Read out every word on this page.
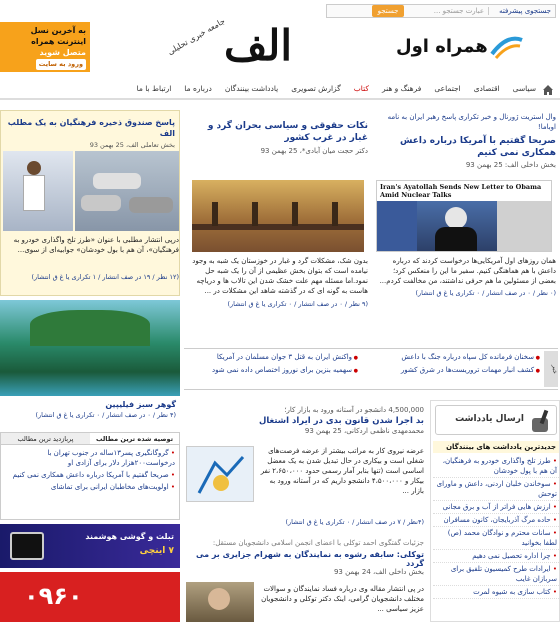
جستجوی پیشرفته
عبارت جستجو ...
جستجو
به آخرین نسل
اینترنت همراه
متصل شوید
ورود به سایت	الف
جامعه خبری تحلیلی	همراه اول
سیاسی
اقتصادی
اجتماعی
فرهنگ و هنر
کتاب
گزارش تصویری
یادداشت بینندگان
درباره ما
ارتباط با ما
وال استریت ژورنال و خبر تکراری پاسخ رهبر ایران به نامه اوباما!
صریحا گفتیم با آمریکا درباره داعش همکاری نمی کنیم
بخش داخلی الف: 25 بهمن 93
Iran's Ayatollah Sends New Letter to Obama Amid Nuclear Talks
همان روزهای اول آمریکایی‌ها درخواست کردند که درباره داعش با هم هماهنگی کنیم. سفیر ما این را منعکس کرد؛ بعضی از مسئولین ما هم حرفی نداشتند، من مخالفت کردم...
(۰ نظر / ۰ در صف انتشار / ۰ تکراری یا غ ق انتشار)
نکات حقوقی و سیاسی بحران گرد و غبار در غرب کشور
دکتر حجت میان آبادی*، 25 بهمن 93
بدون شک، مشکلات گرد و غبار در خوزستان یک شبه به وجود نیامده است که بتوان بخش عظیمی از آن را یک شبه حل نمود.اما مسئله مهم علت خشک شدن این تالاب ها و دریاچه هاست به گونه ای که در گذشته شاهد این مشکلات در ...
(۹ نظر / ۰ در صف انتشار / ۰ تکراری یا غ ق انتشار)
خبر
● سخنان فرمانده کل سپاه درباره جنگ با داعش
● واکنش ایران به قتل ۳ جوان مسلمان در آمریکا
● کشف انبار مهمات تروریست‌ها در شرق کشور
● سهمیه بنزین برای نوروز اختصاص داده نمی شود
پاسخ صندوق ذخیره فرهنگیان به یک مطلب الف
بخش تعاملی الف، 25 بهمن 93
درپی انتشار مطلبی با عنوان «طرز تلخ واگذاری خودرو به فرهنگیان»، آن هم با بول خودشان» جوابیه‌ای از سوی...
(۱۲ نظر / ۱۹ در صف انتشار / ۱ تکراری یا غ ق انتشار)
گوهر سبز فیلیپین
(۴ نظر / ۰ در صف انتشار / ۰ تکراری یا غ ق انتشار)
توصیه شده ترین مطالب
پربازدید ترین مطالب
• گروگانگیری پسر۱۳ساله در جنوب تهران با درخواست۲۰۰هزار دلار برای آزادی او
• صریحا گفتیم با آمریکا درباره داعش همکاری نمی کنیم
• اولویت‌های مخاطبان ایرانی برای تماشای
تبلت و گوشی هوشمند
۷ اینچی
۰۹۶۰
4,500,000 دانشجو در آستانه ورود به بازار کار؛
بد اجرا شدن قانون بدی در ایراد اشتغال
محمدمهدی ناظمی اردکانی، 25 بهمن 93
عرضه نیروی کار به مراتب بیشتر از عرضه فرصت‌های شغلی است و بیکاری در حال تبدیل شدن به یک معضل اساسی است (تنها بنابر آمار رسمی حدود ۲،۶۵۰،۰۰۰ نفر بیکار و ۴،۵۰۰،۰۰۰ دانشجو داریم که در آستانه ورود به بازار ...
(۴نظر / ۷ در صف انتشار / ۰ تکراری یا غ ق انتشار)
جزئیات گفتگوی احمد توکلی با اعضای انجمن اسلامی دانشجویان مستقل:
توکلی: سابقه رشوه به نمایندگان به شهرام جزایری بر می گردد
بخش داخلی الف، 24 بهمن 93
در پی انتشار مقاله وی درباره فساد نمایندگان و سوالات مختلف دانشجویان گرامی، اینک دکتر توکلی و دانشجویان عزیز سیاسی ...
ارسال یادداشت
جدیدترین یادداشت های بینندگان
• طرز تلخ واگذاری خودرو به فرهنگیان، آن هم با پول خودشان
• سوخاندن خلبان اردنی، داعش و ماورای توحش
• ارزش هایی فراتر از آب و برق مجانی
• حاده مرگ آذربایجان، کانون مسافران
• سانات محترم و نوادگان محمد (ص) لطفا بخوانید
• چرا اداره تحصیل نمی دهیم
• ایرادات طرح کمیسیون تلفیق برای سربازان غایب
• کتاب سازی به شیوه لمرت
